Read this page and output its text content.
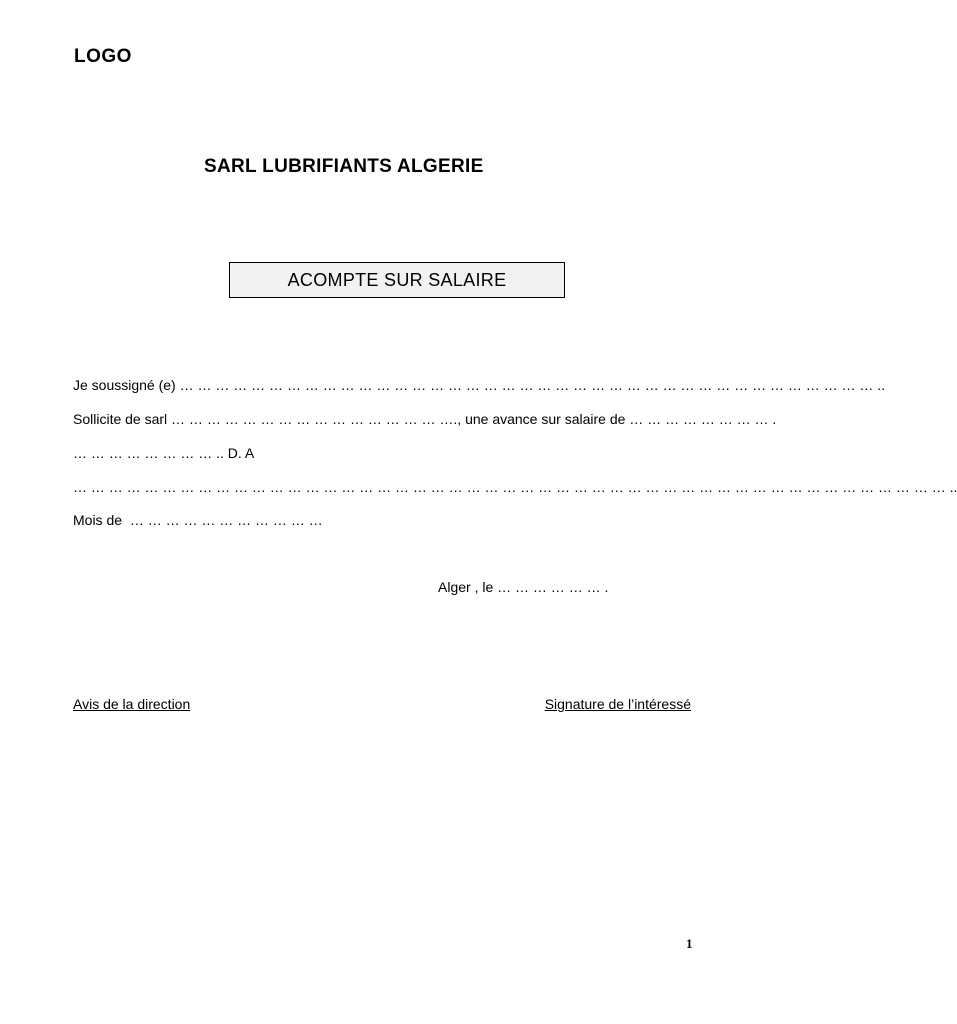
LOGO
SARL LUBRIFIANTS ALGERIE
ACOMPTE SUR SALAIRE
Je soussigné (e) … … … … … … … … … … … … … … … … … … … … … … … … … … … … … … … … … … … … … … … ..
Sollicite de sarl … … … … … … … … … … … … … … … …., une avance sur salaire de … … … … … … … … .
… … … … … … … … .. D. A
… … … … … … … … … … … … … … … … … … … … … … … … … … … … … … … … … … … … … … … … … … … … … … … … … ..
Mois de  … … … … … … … … … … …
Alger , le … … … … … … .
Avis de la direction	Signature de l’intéressé
1
